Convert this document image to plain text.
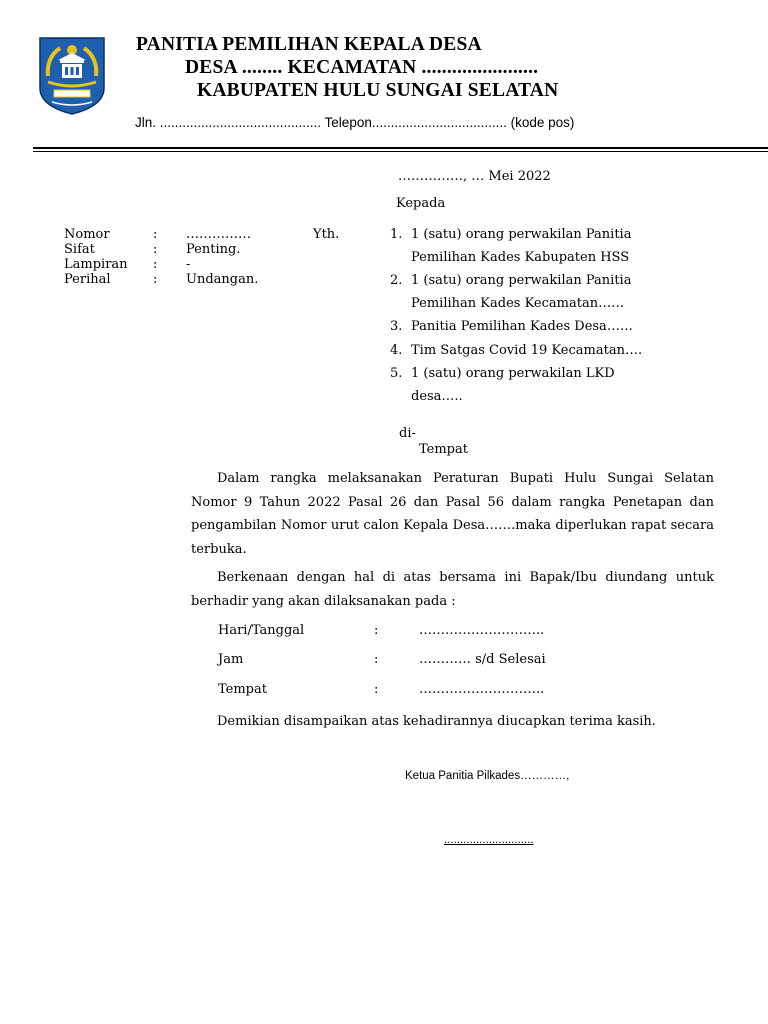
PANITIA PEMILIHAN KEPALA DESA
DESA ........ KECAMATAN .......................
KABUPATEN HULU SUNGAI SELATAN
Jln. ........................................... Telepon.................................... (kode pos)
……………, … Mei 2022
Kepada
Nomor	: ……………
Sifat	: Penting.
Lampiran : -
Perihal	: Undangan.
Yth.	1. 1 (satu) orang perwakilan Panitia
Pemilihan Kades Kabupaten HSS
2. 1 (satu) orang perwakilan Panitia
Pemilihan Kades Kecamatan……
3. Panitia Pemilihan Kades Desa……
4. Tim Satgas Covid 19 Kecamatan….
5. 1 (satu) orang perwakilan LKD
desa…..
di-
Tempat
Dalam rangka melaksanakan Peraturan Bupati Hulu Sungai Selatan Nomor 9 Tahun 2022 Pasal 26 dan Pasal 56 dalam rangka Penetapan dan pengambilan Nomor urut calon Kepala Desa…….maka diperlukan rapat secara terbuka.
Berkenaan dengan hal di atas bersama ini Bapak/Ibu diundang untuk berhadir yang akan dilaksanakan pada :
Hari/Tanggal	:	………………………..
Jam	:	………… s/d Selesai
Tempat	:	………………………..
Demikian disampaikan atas kehadirannya diucapkan terima kasih.
Ketua Panitia Pilkades…………,
............................
